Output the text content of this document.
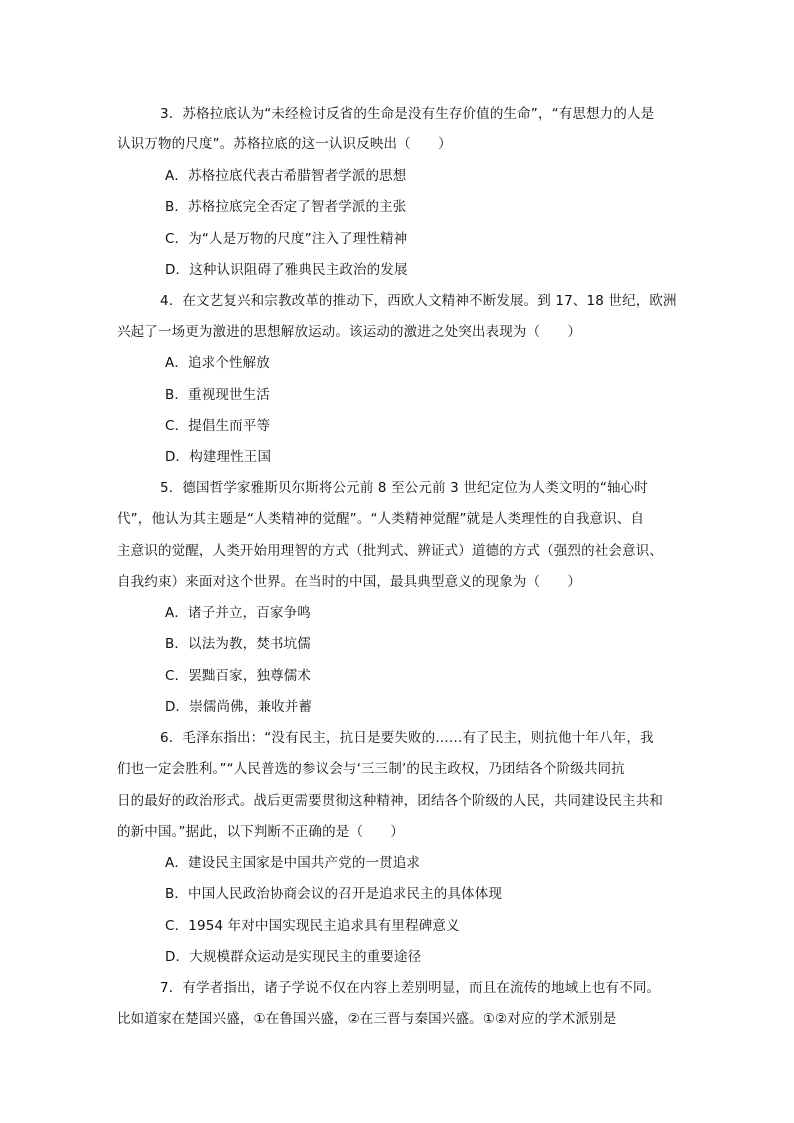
3．苏格拉底认为“未经检讨反省的生命是没有生存价值的生命”，“有思想力的人是
认识万物的尺度”。苏格拉底的这一认识反映出（　　）
A．苏格拉底代表古希腊智者学派的思想
B．苏格拉底完全否定了智者学派的主张
C．为“人是万物的尺度”注入了理性精神
D．这种认识阻碍了雅典民主政治的发展
4．在文艺复兴和宗教改革的推动下，西欧人文精神不断发展。到 17、18 世纪，欧洲
兴起了一场更为激进的思想解放运动。该运动的激进之处突出表现为（　　）
A．追求个性解放
B．重视现世生活
C．提倡生而平等
D．构建理性王国
5．德国哲学家雅斯贝尔斯将公元前 8 至公元前 3 世纪定位为人类文明的“轴心时
代”，他认为其主题是“人类精神的觉醒”。“人类精神觉醒”就是人类理性的自我意识、自
主意识的觉醒，人类开始用理智的方式（批判式、辨证式）道德的方式（强烈的社会意识、
自我约束）来面对这个世界。在当时的中国，最具典型意义的现象为（　　）
A．诸子并立，百家争鸣
B．以法为教，焚书坑儒
C．罢黜百家，独尊儒术
D．崇儒尚佛，兼收并蓄
6．毛泽东指出：“没有民主，抗日是要失败的……有了民主，则抗他十年八年，我
们也一定会胜利。”“人民普选的参议会与‘三三制’的民主政权，乃团结各个阶级共同抗
日的最好的政治形式。战后更需要贯彻这种精神，团结各个阶级的人民，共同建设民主共和
的新中国。”据此，以下判断不正确的是（　　）
A．建设民主国家是中国共产党的一贯追求
B．中国人民政治协商会议的召开是追求民主的具体体现
C．1954 年对中国实现民主追求具有里程碑意义
D．大规模群众运动是实现民主的重要途径
7．有学者指出，诸子学说不仅在内容上差别明显，而且在流传的地域上也有不同。
比如道家在楚国兴盛，①在鲁国兴盛，②在三晋与秦国兴盛。①②对应的学术派别是
